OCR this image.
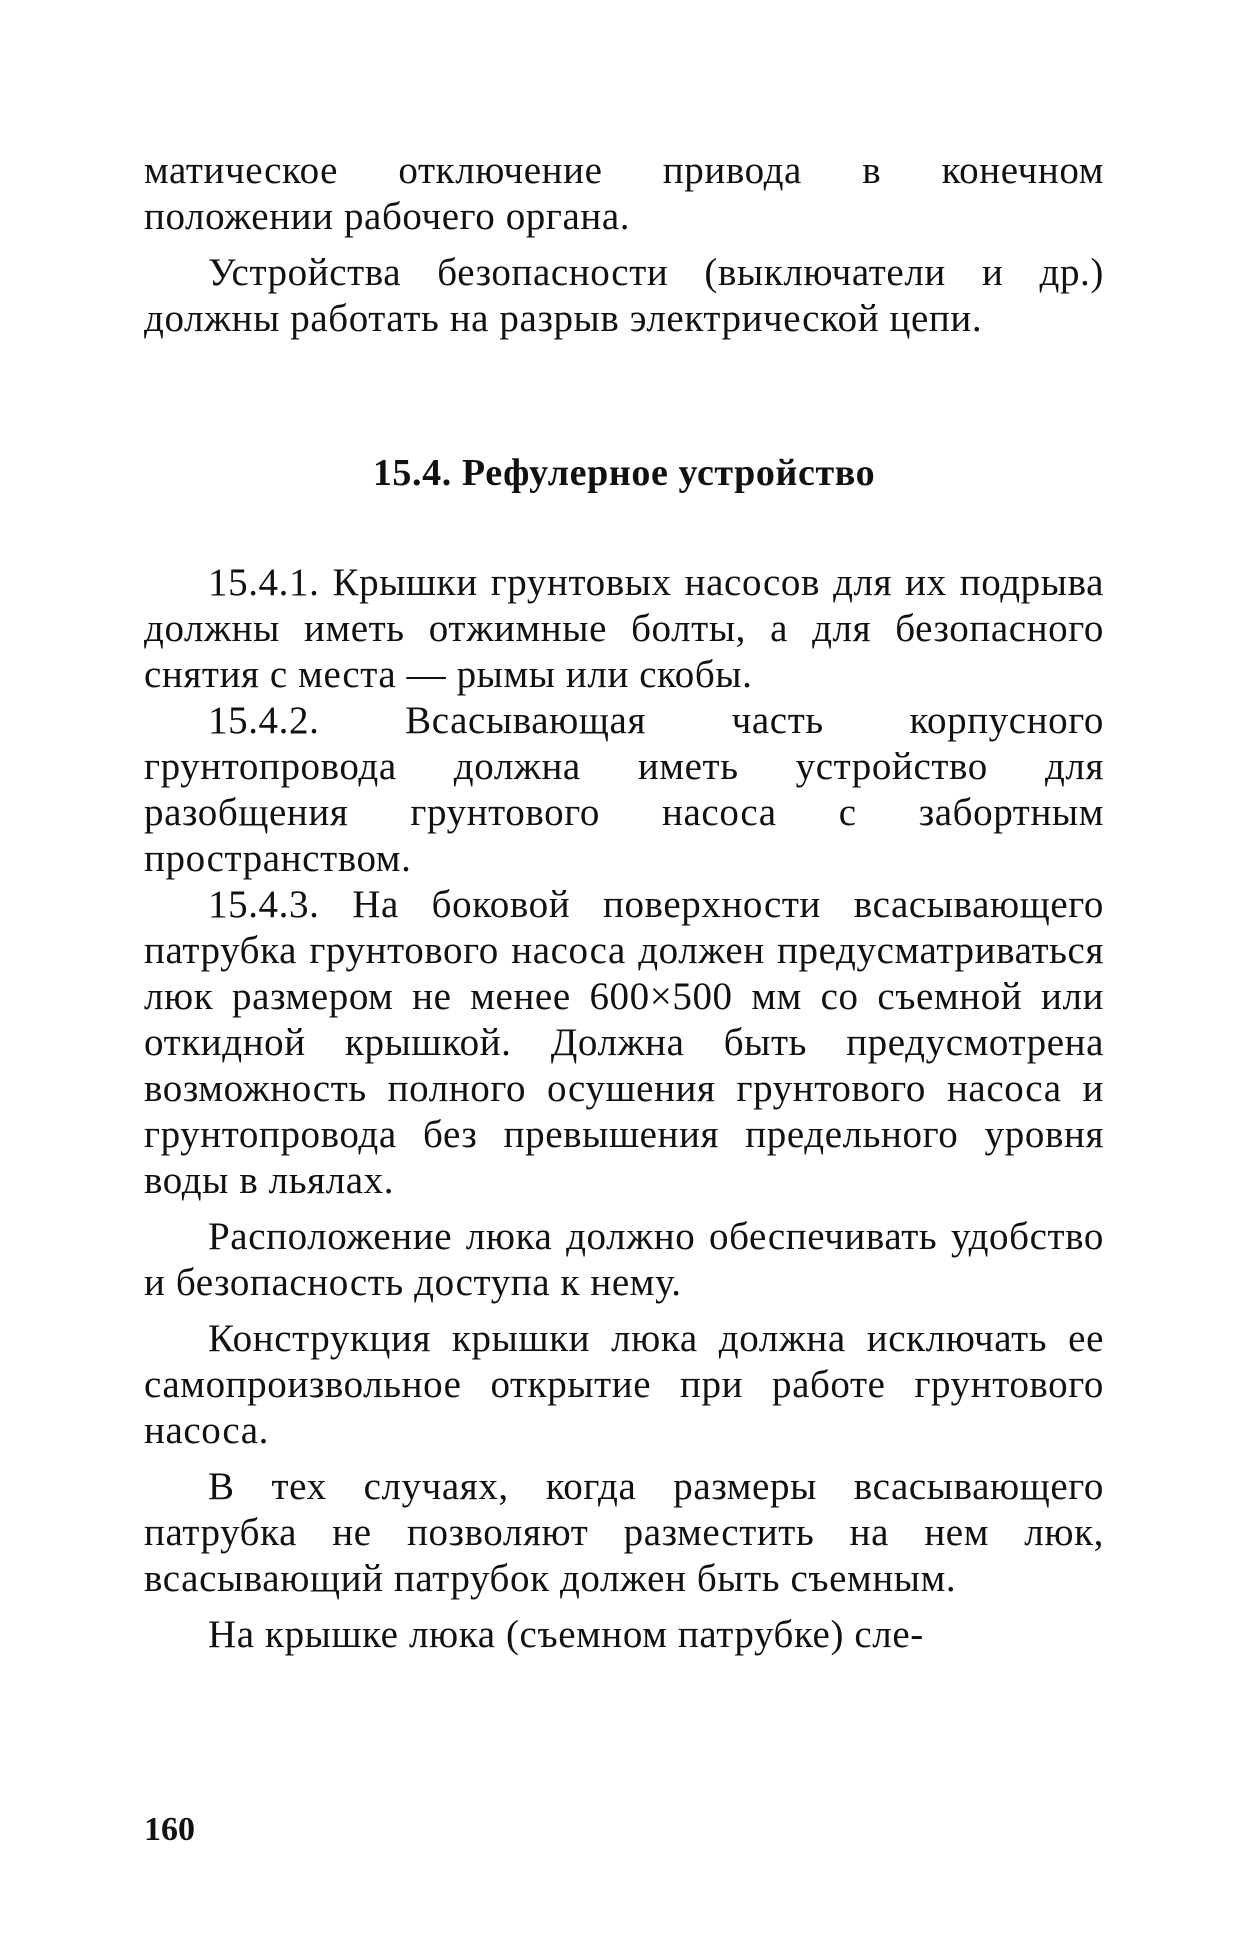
матическое отключение привода в конечном положении рабочего органа.

Устройства безопасности (выключатели и др.) должны работать на разрыв электрической цепи.

15.4. Рефулерное устройство

15.4.1. Крышки грунтовых насосов для их подрыва должны иметь отжимные болты, а для безопасного снятия с места — рымы или скобы.

15.4.2. Всасывающая часть корпусного грунтопровода должна иметь устройство для разобщения грунтового насоса с забортным пространством.

15.4.3. На боковой поверхности всасывающего патрубка грунтового насоса должен предусматриваться люк размером не менее 600×500 мм со съемной или откидной крышкой. Должна быть предусмотрена возможность полного осушения грунтового насоса и грунтопровода без превышения предельного уровня воды в льялах.

Расположение люка должно обеспечивать удобство и безопасность доступа к нему.

Конструкция крышки люка должна исключать ее самопроизвольное открытие при работе грунтового насоса.

В тех случаях, когда размеры всасывающего патрубка не позволяют разместить на нем люк, всасывающий патрубок должен быть съемным.

На крышке люка (съемном патрубке) сле-

160
